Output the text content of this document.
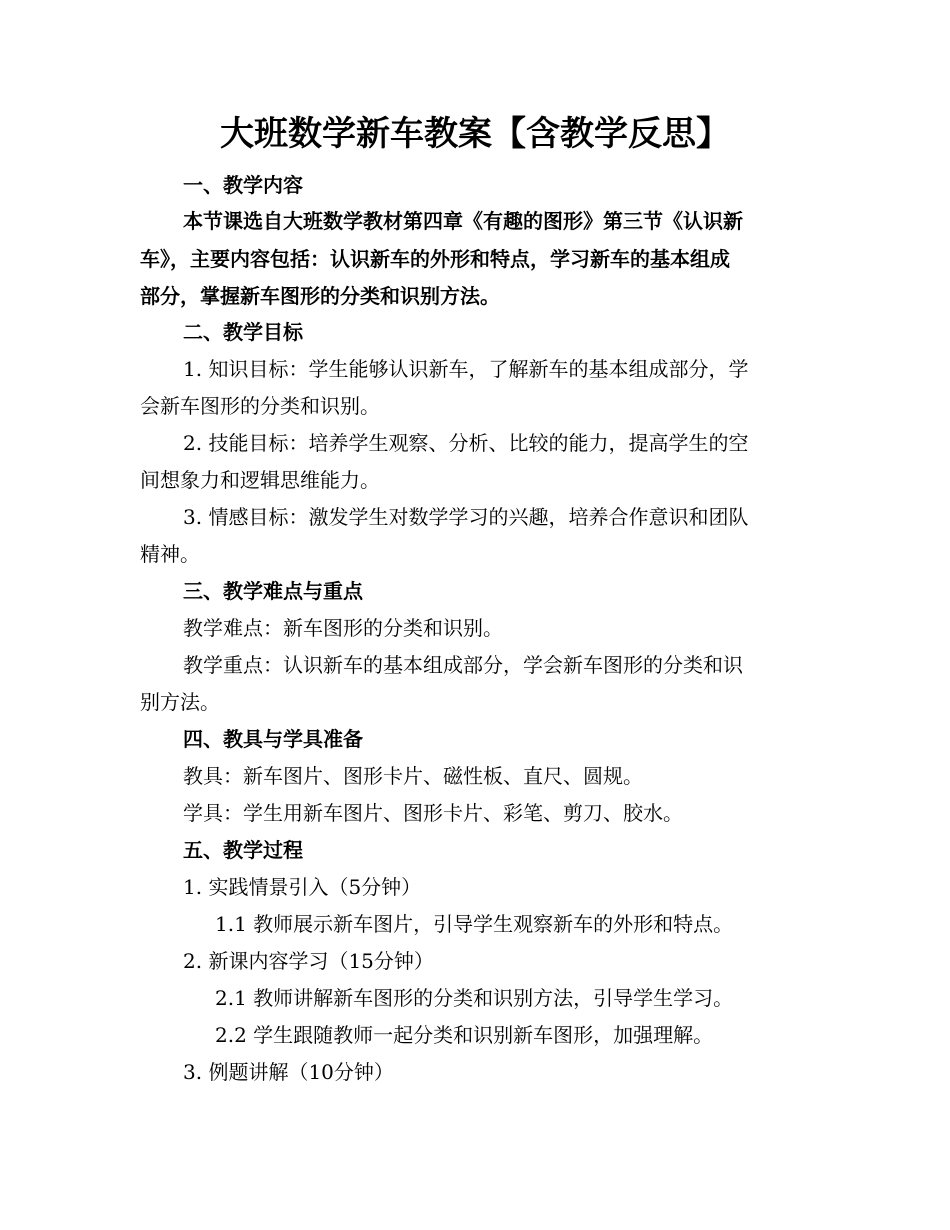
大班数学新车教案【含教学反思】
一、教学内容
本节课选自大班数学教材第四章《有趣的图形》第三节《认识新
车》，主要内容包括：认识新车的外形和特点，学习新车的基本组成
部分，掌握新车图形的分类和识别方法。
二、教学目标
1. 知识目标：学生能够认识新车，了解新车的基本组成部分，学
会新车图形的分类和识别。
2. 技能目标：培养学生观察、分析、比较的能力，提高学生的空
间想象力和逻辑思维能力。
3. 情感目标：激发学生对数学学习的兴趣，培养合作意识和团队
精神。
三、教学难点与重点
教学难点：新车图形的分类和识别。
教学重点：认识新车的基本组成部分，学会新车图形的分类和识
别方法。
四、教具与学具准备
教具：新车图片、图形卡片、磁性板、直尺、圆规。
学具：学生用新车图片、图形卡片、彩笔、剪刀、胶水。
五、教学过程
1. 实践情景引入（5分钟）
1.1 教师展示新车图片，引导学生观察新车的外形和特点。
2. 新课内容学习（15分钟）
2.1 教师讲解新车图形的分类和识别方法，引导学生学习。
2.2 学生跟随教师一起分类和识别新车图形，加强理解。
3. 例题讲解（10分钟）
